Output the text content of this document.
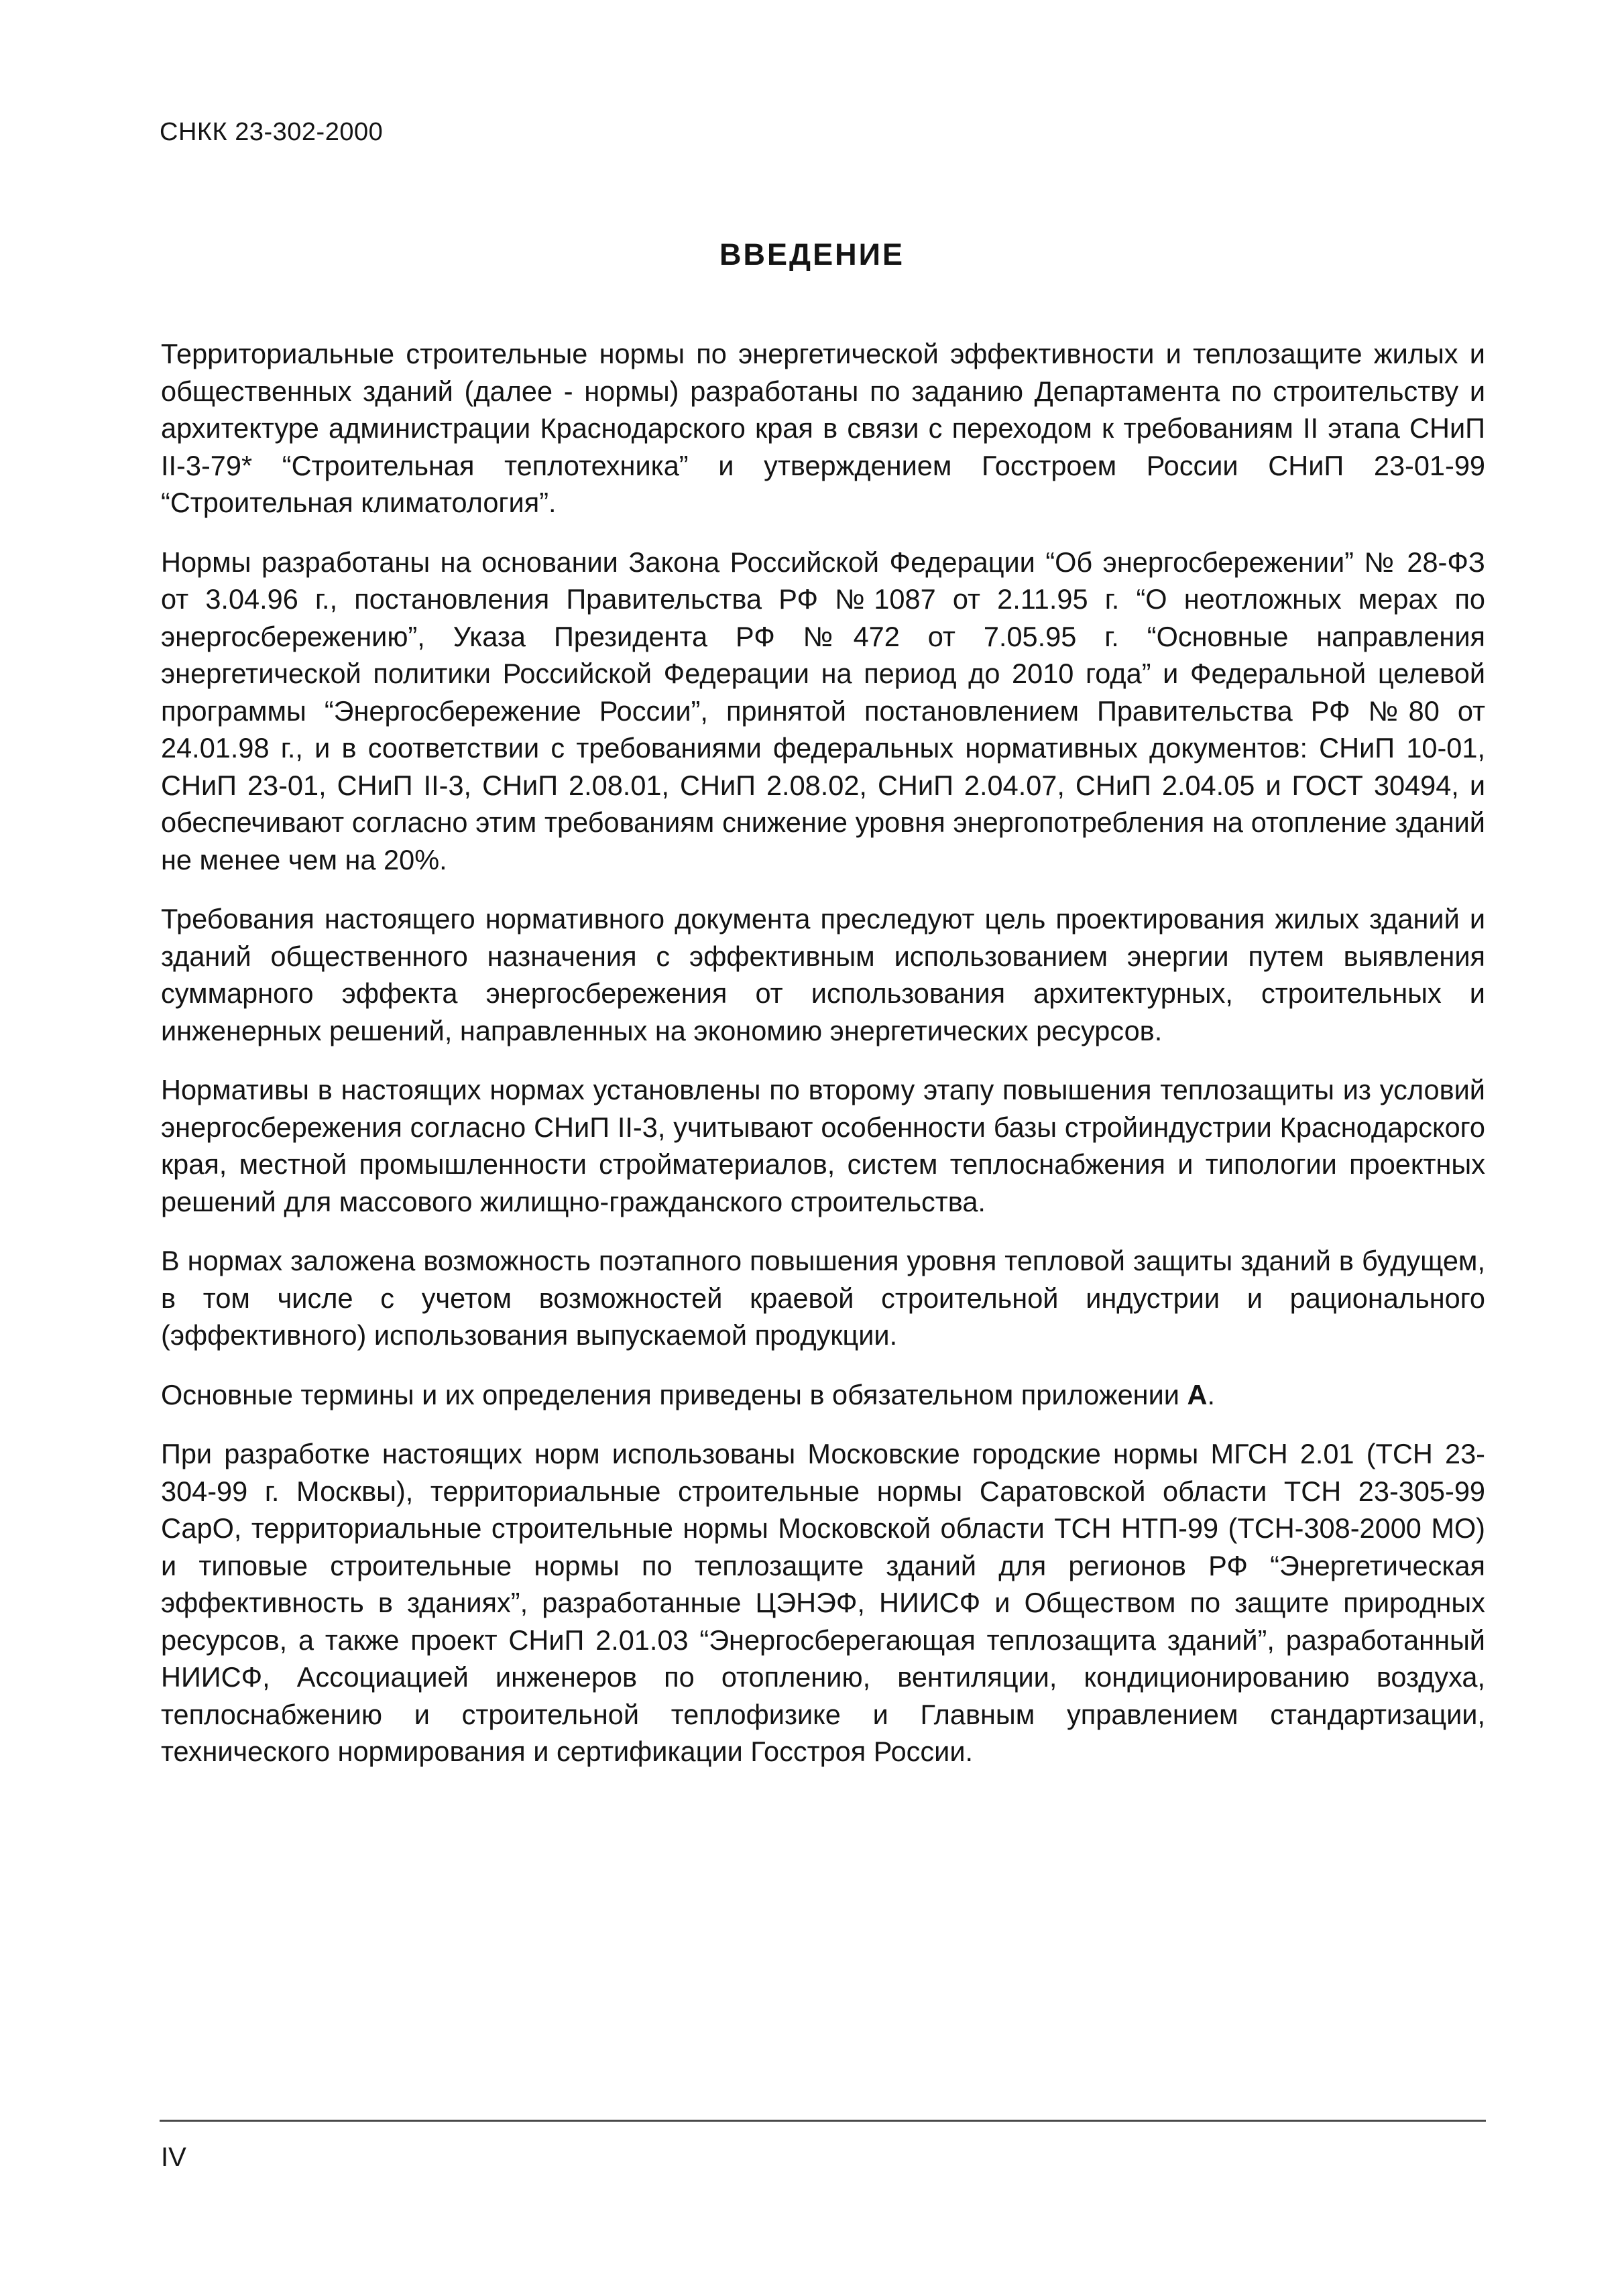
СНКК 23-302-2000
ВВЕДЕНИЕ

Территориальные строительные нормы по энергетической эффективности и теплозащите жилых и общественных зданий (далее - нормы) разработаны по заданию Департамента по строительству и архитектуре администрации Краснодарского края в связи с переходом к требованиям II этапа СНиП II-3-79* “Строительная теплотехника” и утверждением Госстроем России СНиП 23-01-99 “Строительная климатология”.

Нормы разработаны на основании Закона Российской Федерации “Об энергосбережении” № 28-ФЗ от 3.04.96 г., постановления Правительства РФ №1087 от 2.11.95 г. “О неотложных мерах по энергосбережению”, Указа Президента РФ №472 от 7.05.95 г. “Основные направления энергетической политики Российской Федерации на период до 2010 года” и Федеральной целевой программы “Энергосбережение России”, принятой постановлением Правительства РФ №80 от 24.01.98 г., и в соответствии с требованиями федеральных нормативных документов: СНиП 10-01, СНиП 23-01, СНиП II-3, СНиП 2.08.01, СНиП 2.08.02, СНиП 2.04.07, СНиП 2.04.05 и ГОСТ 30494, и обеспечивают согласно этим требованиям снижение уровня энергопотребления на отопление зданий не менее чем на 20%.

Требования настоящего нормативного документа преследуют цель проектирования жилых зданий и зданий общественного назначения с эффективным использованием энергии путем выявления суммарного эффекта энергосбережения от использования архитектурных, строительных и инженерных решений, направленных на экономию энергетических ресурсов.

Нормативы в настоящих нормах установлены по второму этапу повышения теплозащиты из условий энергосбережения согласно СНиП II-3, учитывают особенности базы стройиндустрии Краснодарского края, местной промышленности стройматериалов, систем теплоснабжения и типологии проектных решений для массового жилищно-гражданского строительства.

В нормах заложена возможность поэтапного повышения уровня тепловой защиты зданий в будущем, в том числе с учетом возможностей краевой строительной индустрии и рационального (эффективного) использования выпускаемой продукции.

Основные термины и их определения приведены в обязательном приложении А.

При разработке настоящих норм использованы Московские городские нормы МГСН 2.01 (ТСН 23-304-99 г. Москвы), территориальные строительные нормы Саратовской области ТСН 23-305-99 СарО, территориальные строительные нормы Московской области ТСН НТП-99 (ТСН-308-2000 МО) и типовые строительные нормы по теплозащите зданий для регионов РФ “Энергетическая эффективность в зданиях”, разработанные ЦЭНЭФ, НИИСФ и Обществом по защите природных ресурсов, а также проект СНиП 2.01.03 “Энергосберегающая теплозащита зданий”, разработанный НИИСФ, Ассоциацией инженеров по отоплению, вентиляции, кондиционированию воздуха, теплоснабжению и строительной теплофизике и Главным управлением стандартизации, технического нормирования и сертификации Госстроя России.

IV
